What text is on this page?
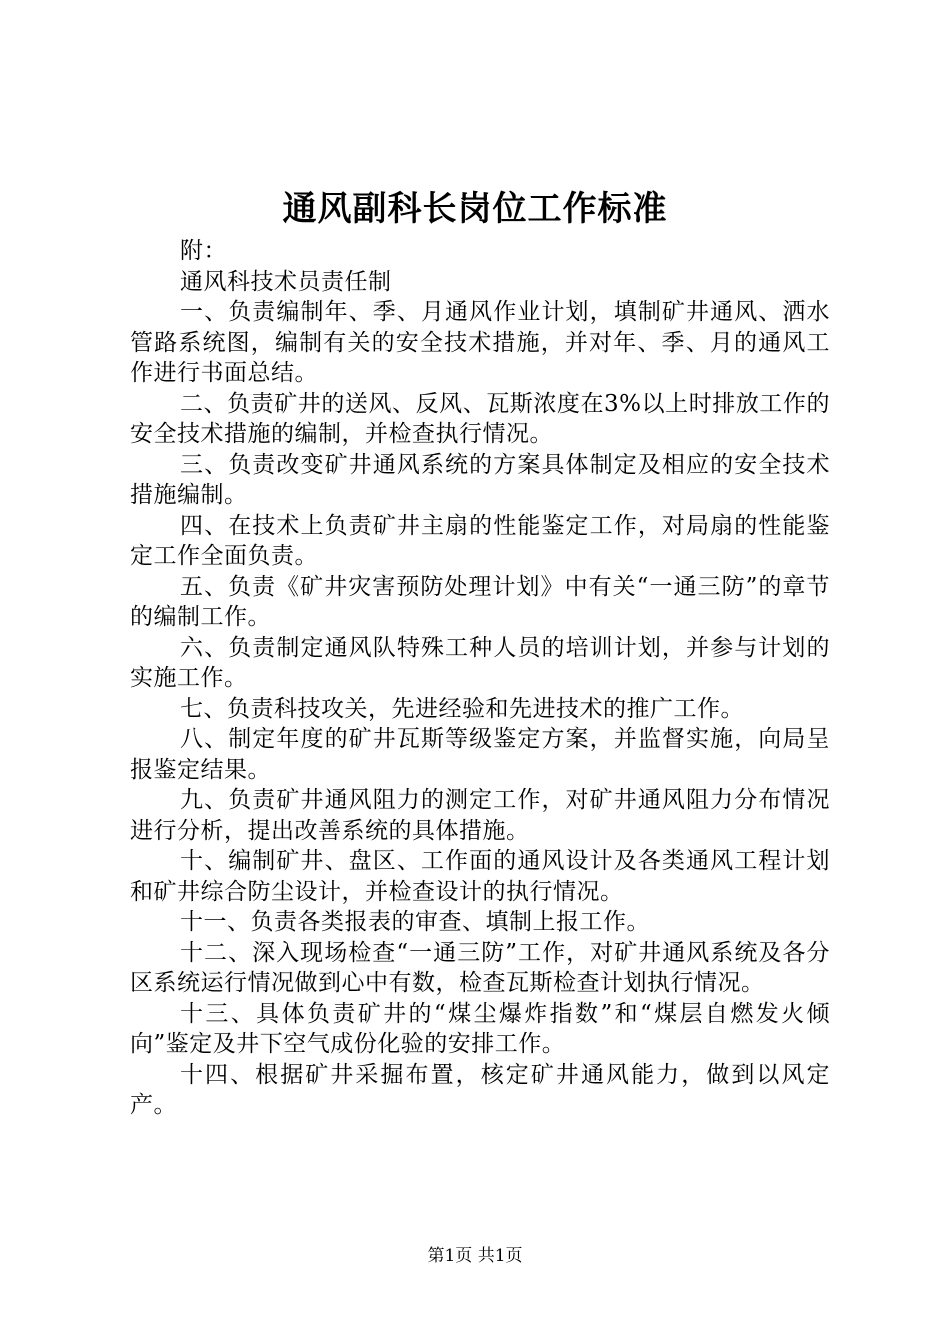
通风副科长岗位工作标准

附：

通风科技术员责任制

一、负责编制年、季、月通风作业计划，填制矿井通风、洒水管路系统图，编制有关的安全技术措施，并对年、季、月的通风工作进行书面总结。

二、负责矿井的送风、反风、瓦斯浓度在3%以上时排放工作的安全技术措施的编制，并检查执行情况。

三、负责改变矿井通风系统的方案具体制定及相应的安全技术措施编制。

四、在技术上负责矿井主扇的性能鉴定工作，对局扇的性能鉴定工作全面负责。

五、负责《矿井灾害预防处理计划》中有关“一通三防”的章节的编制工作。

六、负责制定通风队特殊工种人员的培训计划，并参与计划的实施工作。

七、负责科技攻关，先进经验和先进技术的推广工作。

八、制定年度的矿井瓦斯等级鉴定方案，并监督实施，向局呈报鉴定结果。

九、负责矿井通风阻力的测定工作，对矿井通风阻力分布情况进行分析，提出改善系统的具体措施。

十、编制矿井、盘区、工作面的通风设计及各类通风工程计划和矿井综合防尘设计，并检查设计的执行情况。

十一、负责各类报表的审查、填制上报工作。

十二、深入现场检查“一通三防”工作，对矿井通风系统及各分区系统运行情况做到心中有数，检查瓦斯检查计划执行情况。

十三、具体负责矿井的“煤尘爆炸指数”和“煤层自燃发火倾向”鉴定及井下空气成份化验的安排工作。

十四、根据矿井采掘布置，核定矿井通风能力，做到以风定产。

第1页 共1页
